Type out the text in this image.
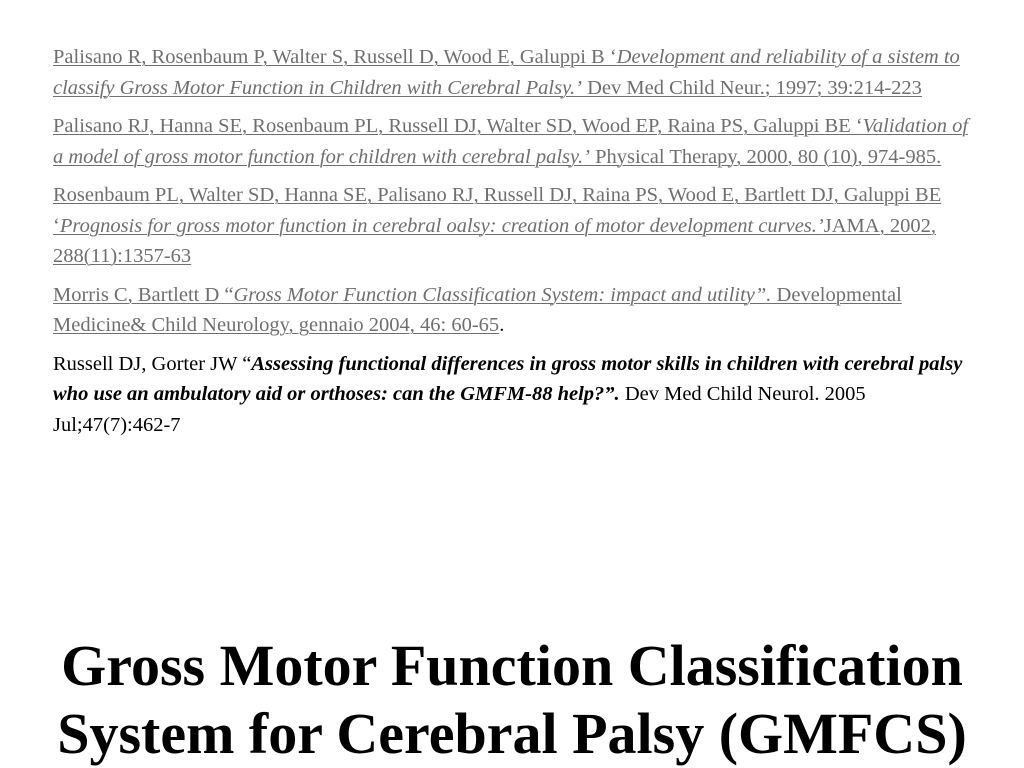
Palisano R, Rosenbaum P, Walter S, Russell D, Wood E, Galuppi B ‘Development and reliability of a sistem to classify Gross Motor Function in Children with Cerebral Palsy.’ Dev Med Child Neur.; 1997; 39:214-223

Palisano RJ, Hanna SE, Rosenbaum PL, Russell DJ, Walter SD, Wood EP, Raina PS, Galuppi BE ‘Validation of a model of gross motor function for children with cerebral palsy.’ Physical Therapy, 2000, 80 (10), 974-985.

Rosenbaum PL, Walter SD, Hanna SE, Palisano RJ, Russell DJ, Raina PS, Wood E, Bartlett DJ, Galuppi BE ‘Prognosis for gross motor function in cerebral oalsy: creation of motor development curves.’JAMA, 2002, 288(11):1357-63

Morris C, Bartlett D “Gross Motor Function Classification System: impact and utility”. Developmental Medicine& Child Neurology, gennaio 2004, 46: 60-65.

Russell DJ, Gorter JW “Assessing functional differences in gross motor skills in children with cerebral palsy who use an ambulatory aid or orthoses: can the GMFM-88 help?”. Dev Med Child Neurol. 2005 Jul;47(7):462-7

Gross Motor Function Classification System for Cerebral Palsy (GMFCS)
